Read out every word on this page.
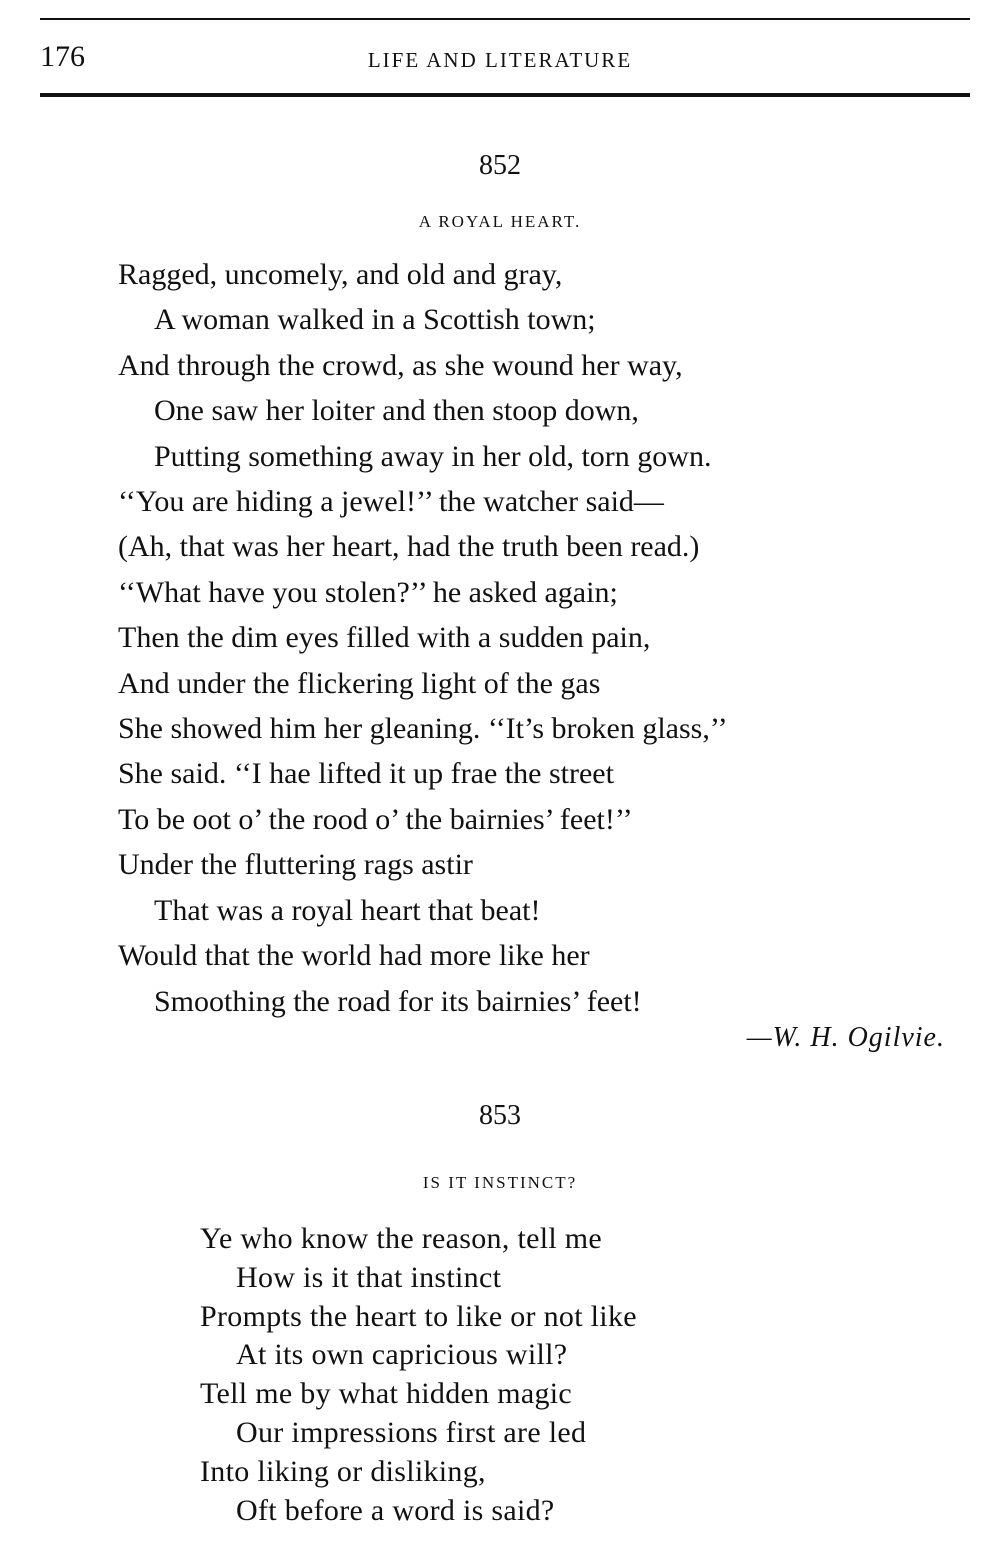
176	LIFE AND LITERATURE
852
A ROYAL HEART.
Ragged, uncomely, and old and gray,
A woman walked in a Scottish town;
And through the crowd, as she wound her way,
One saw her loiter and then stoop down,
Putting something away in her old, torn gown.
‘‘You are hiding a jewel!’’ the watcher said—
(Ah, that was her heart, had the truth been read.)
‘‘What have you stolen?’’ he asked again;
Then the dim eyes filled with a sudden pain,
And under the flickering light of the gas
She showed him her gleaning. ‘‘It’s broken glass,’’
She said. ‘‘I hae lifted it up frae the street
To be oot o’ the rood o’ the bairnies’ feet!’’
Under the fluttering rags astir
That was a royal heart that beat!
Would that the world had more like her
Smoothing the road for its bairnies’ feet!
—W. H. Ogilvie.
853
IS IT INSTINCT?
Ye who know the reason, tell me
How is it that instinct
Prompts the heart to like or not like
At its own capricious will?
Tell me by what hidden magic
Our impressions first are led
Into liking or disliking,
Oft before a word is said?
